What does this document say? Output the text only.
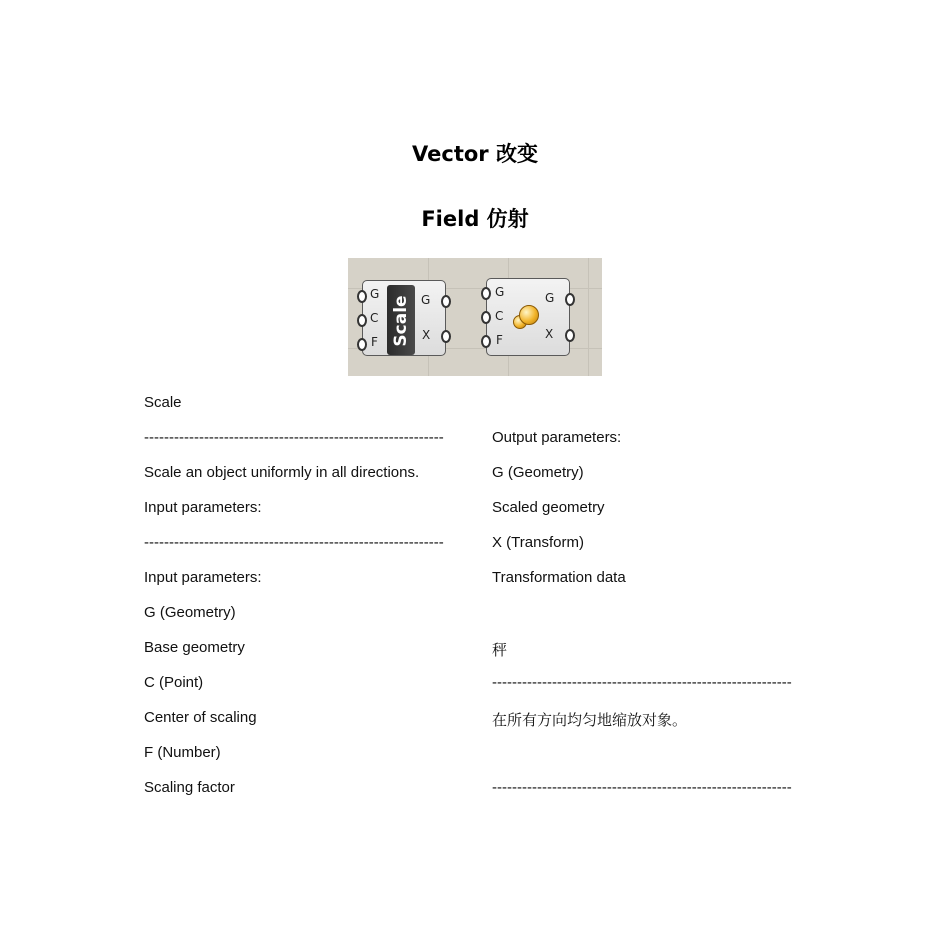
Vector 改变
Field 仿射
G
C
F Scale G
X
G
C
F
G
X
Scale
------------------------------------------------------------
Scale an object uniformly in all directions.
Input parameters:
------------------------------------------------------------
Input parameters:
G (Geometry)
Base geometry
C (Point)
Center of scaling
F (Number)
Scaling factor
Output parameters:
G (Geometry)
Scaled geometry
X (Transform)
Transformation data
秤
------------------------------------------------------------
在所有方向均匀地缩放对象。
------------------------------------------------------------
